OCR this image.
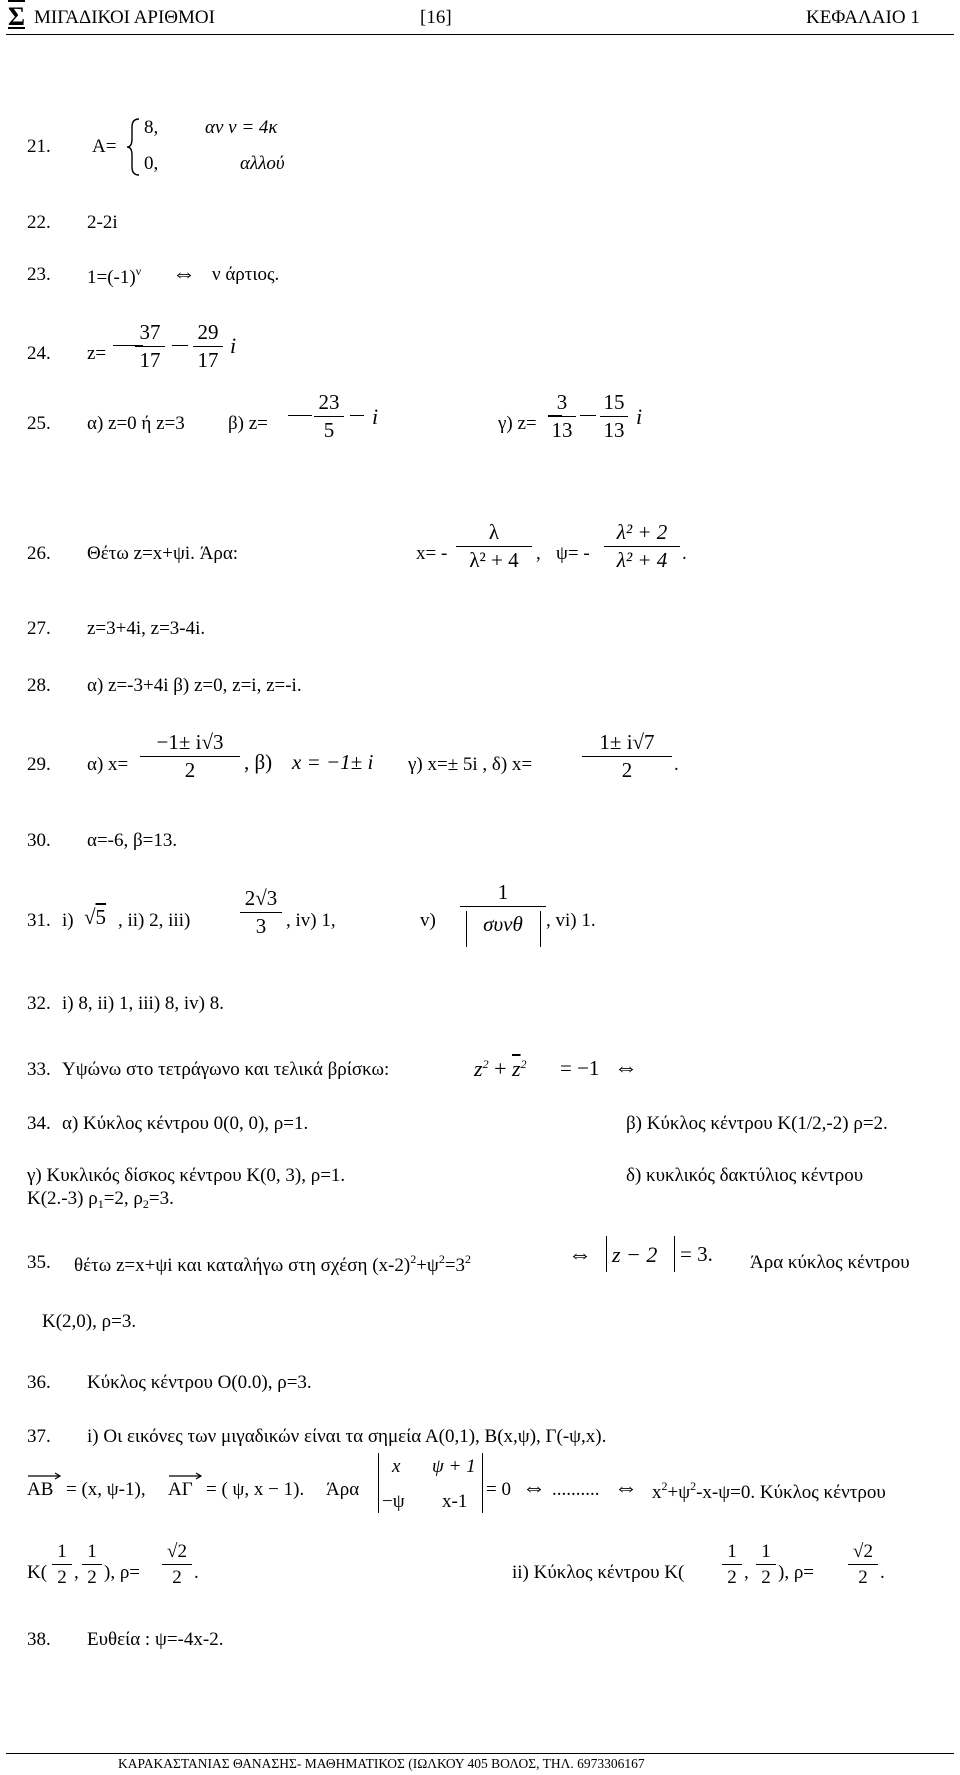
Σ ΜΙΓΑΔΙΚΟΙ ΑΡΙΘΜΟΙ	[16]	ΚΕΦΑΛΑΙΟ 1
21. A=
8, αν ν = 4κ
0,	αλλού
22. 2-2i
23. $1=(-1)^\nu$ ⇔ ν άρτιος.
24. z=
37
17
29
17
i
25. α) z=0 ή z=3 β) z=
23
5
i	γ) z=
3
13
15
13
i
26. Θέτω z=x+ψi. Άρα:	x= -
λ
λ² + 4 , ψ= -
λ² + 2
λ² + 4 .
27. z=3+4i, z=3-4i.
28. α) z=-3+4i β) z=0, z=i, z=-i.
29. α) x=
−1± i√3
2	, β) x = −1± i γ) x=± 5i , δ) x=
1± i√7
2	.
30. α=-6, β=13.
31. i) √5 , ii) 2, iii)
2√3
3	, iv) 1,	v)
1
συνθ	, vi) 1.
32. i) 8, ii) 1, iii) 8, iv) 8.
33. Υψώνω στο τετράγωνο και τελικά βρίσκω:	$z^2 + \overline{z}^2 = -1$ ⇔
34. α) Κύκλος κέντρου 0(0, 0), ρ=1.	β) Κύκλος κέντρου Κ(1/2,-2) ρ=2.
γ) Κυκλικός δίσκος κέντρου Κ(0, 3), ρ=1.	δ) κυκλικός δακτύλιος κέντρου
Κ(2.-3) $\rho_1=2$, $\rho_2=3$.
35. θέτω z=x+ψi και καταλήγω στη σχέση $(x-2)^2+\psi^2=3^2$	⇔ z − 2 = 3. Άρα κύκλος κέντρου
Κ(2,0), ρ=3.
36. Κύκλος κέντρου Ο(0.0), ρ=3.
37. i) Οι εικόνες των μιγαδικών είναι τα σημεία Α(0,1), Β(x,ψ), Γ(-ψ,x).
AB = (x, ψ-1), ΑΓ = ( ψ, x − 1). Άρα
x ψ + 1
−ψ x-1
= 0 ⇔ .......... ⇔ $x^2+\psi^2-x-\psi=0$. Κύκλος κέντρου
Κ(
1
2 ,
1
2 ), ρ=
√2
2 .	ii) Κύκλος κέντρου Κ(
1
2 ,
1
2 ), ρ=
√2
2 .
38. Ευθεία : ψ=-4x-2.
ΚΑΡΑΚΑΣΤΑΝΙΑΣ ΘΑΝΑΣΗΣ- ΜΑΘΗΜΑΤΙΚΟΣ (ΙΩΛΚΟΥ 405 ΒΟΛΟΣ, ΤΗΛ. 6973306167
